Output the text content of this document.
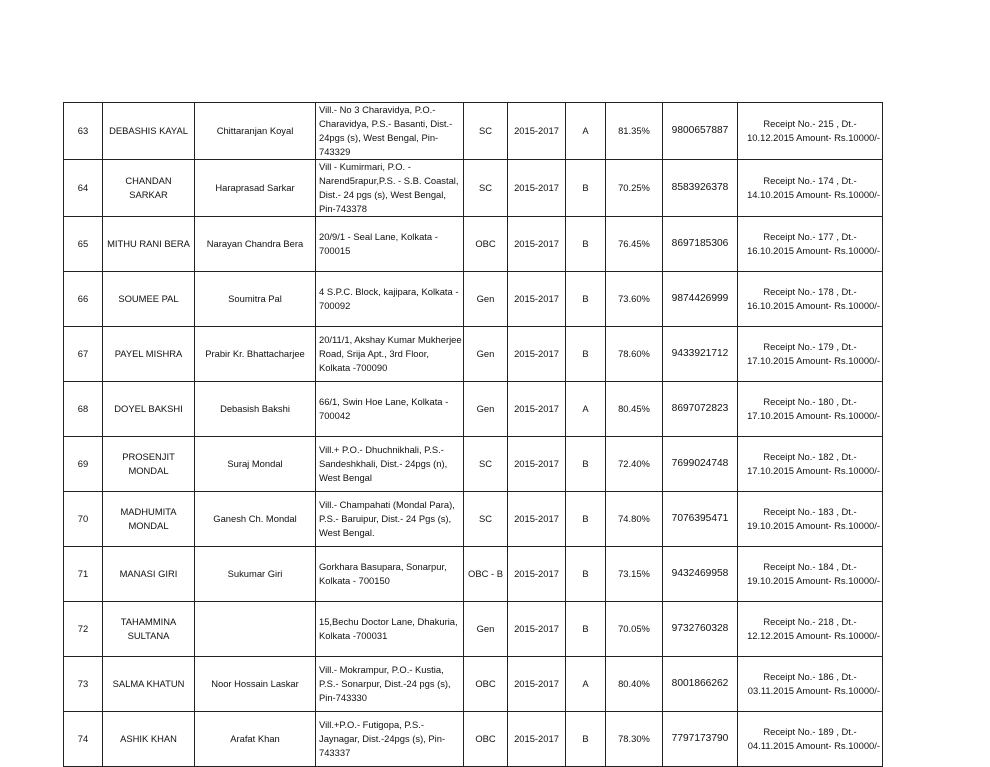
63	DEBASHIS KAYAL	Chittaranjan Koyal	Vill.- No 3 Charavidya, P.O.- Charavidya, P.S.- Basanti, Dist.- 24pgs (s), West Bengal, Pin-743329	SC	2015-2017	A	81.35%	9800657887	Receipt No.- 215 , Dt.-
10.12.2015 Amount- Rs.10000/-

64	CHANDAN SARKAR	Haraprasad Sarkar	Vill - Kumirmari, P.O. - Narend5rapur,P.S. - S.B. Coastal, Dist.- 24 pgs (s), West Bengal, Pin-743378	SC	2015-2017	B	70.25%	8583926378	Receipt No.- 174 , Dt.-
14.10.2015 Amount- Rs.10000/-

65	MITHU RANI BERA	Narayan Chandra Bera	20/9/1 - Seal Lane, Kolkata - 700015	OBC	2015-2017	B	76.45%	8697185306	Receipt No.- 177 , Dt.-
16.10.2015 Amount- Rs.10000/-

66	SOUMEE PAL	Soumitra Pal	4 S.P.C. Block, kajipara, Kolkata - 700092	Gen	2015-2017	B	73.60%	9874426999	Receipt No.- 178 , Dt.-
16.10.2015 Amount- Rs.10000/-

67	PAYEL MISHRA	Prabir Kr. Bhattacharjee	20/11/1, Akshay Kumar Mukherjee Road, Srija Apt., 3rd Floor, Kolkata -700090	Gen	2015-2017	B	78.60%	9433921712	Receipt No.- 179 , Dt.-
17.10.2015 Amount- Rs.10000/-

68	DOYEL BAKSHI	Debasish Bakshi	66/1, Swin Hoe Lane, Kolkata - 700042	Gen	2015-2017	A	80.45%	8697072823	Receipt No.- 180 , Dt.-
17.10.2015 Amount- Rs.10000/-

69	PROSENJIT MONDAL	Suraj Mondal	Vill.+ P.O.- Dhuchnikhali, P.S.- Sandeshkhali, Dist.- 24pgs (n), West Bengal	SC	2015-2017	B	72.40%	7699024748	Receipt No.- 182 , Dt.-
17.10.2015 Amount- Rs.10000/-

70	MADHUMITA MONDAL	Ganesh Ch. Mondal	Vill.- Champahati (Mondal Para), P.S.- Baruipur, Dist.- 24 Pgs (s), West Bengal.	SC	2015-2017	B	74.80%	7076395471	Receipt No.- 183 , Dt.-
19.10.2015 Amount- Rs.10000/-

71	MANASI GIRI	Sukumar Giri	Gorkhara Basupara, Sonarpur, Kolkata - 700150	OBC - B	2015-2017	B	73.15%	9432469958	Receipt No.- 184 , Dt.-
19.10.2015 Amount- Rs.10000/-

72	TAHAMMINA SULTANA		15,Bechu Doctor Lane, Dhakuria, Kolkata -700031	Gen	2015-2017	B	70.05%	9732760328	Receipt No.- 218 , Dt.-
12.12.2015 Amount- Rs.10000/-

73	SALMA KHATUN	Noor Hossain Laskar	Vill.- Mokrampur, P.O.- Kustia, P.S.- Sonarpur, Dist.-24 pgs (s), Pin-743330	OBC	2015-2017	A	80.40%	8001866262	Receipt No.- 186 , Dt.-
03.11.2015 Amount- Rs.10000/-

74	ASHIK KHAN	Arafat Khan	Vill.+P.O.- Futigopa, P.S.- Jaynagar, Dist.-24pgs (s), Pin-743337	OBC	2015-2017	B	78.30%	7797173790	Receipt No.- 189 , Dt.-
04.11.2015 Amount- Rs.10000/-
